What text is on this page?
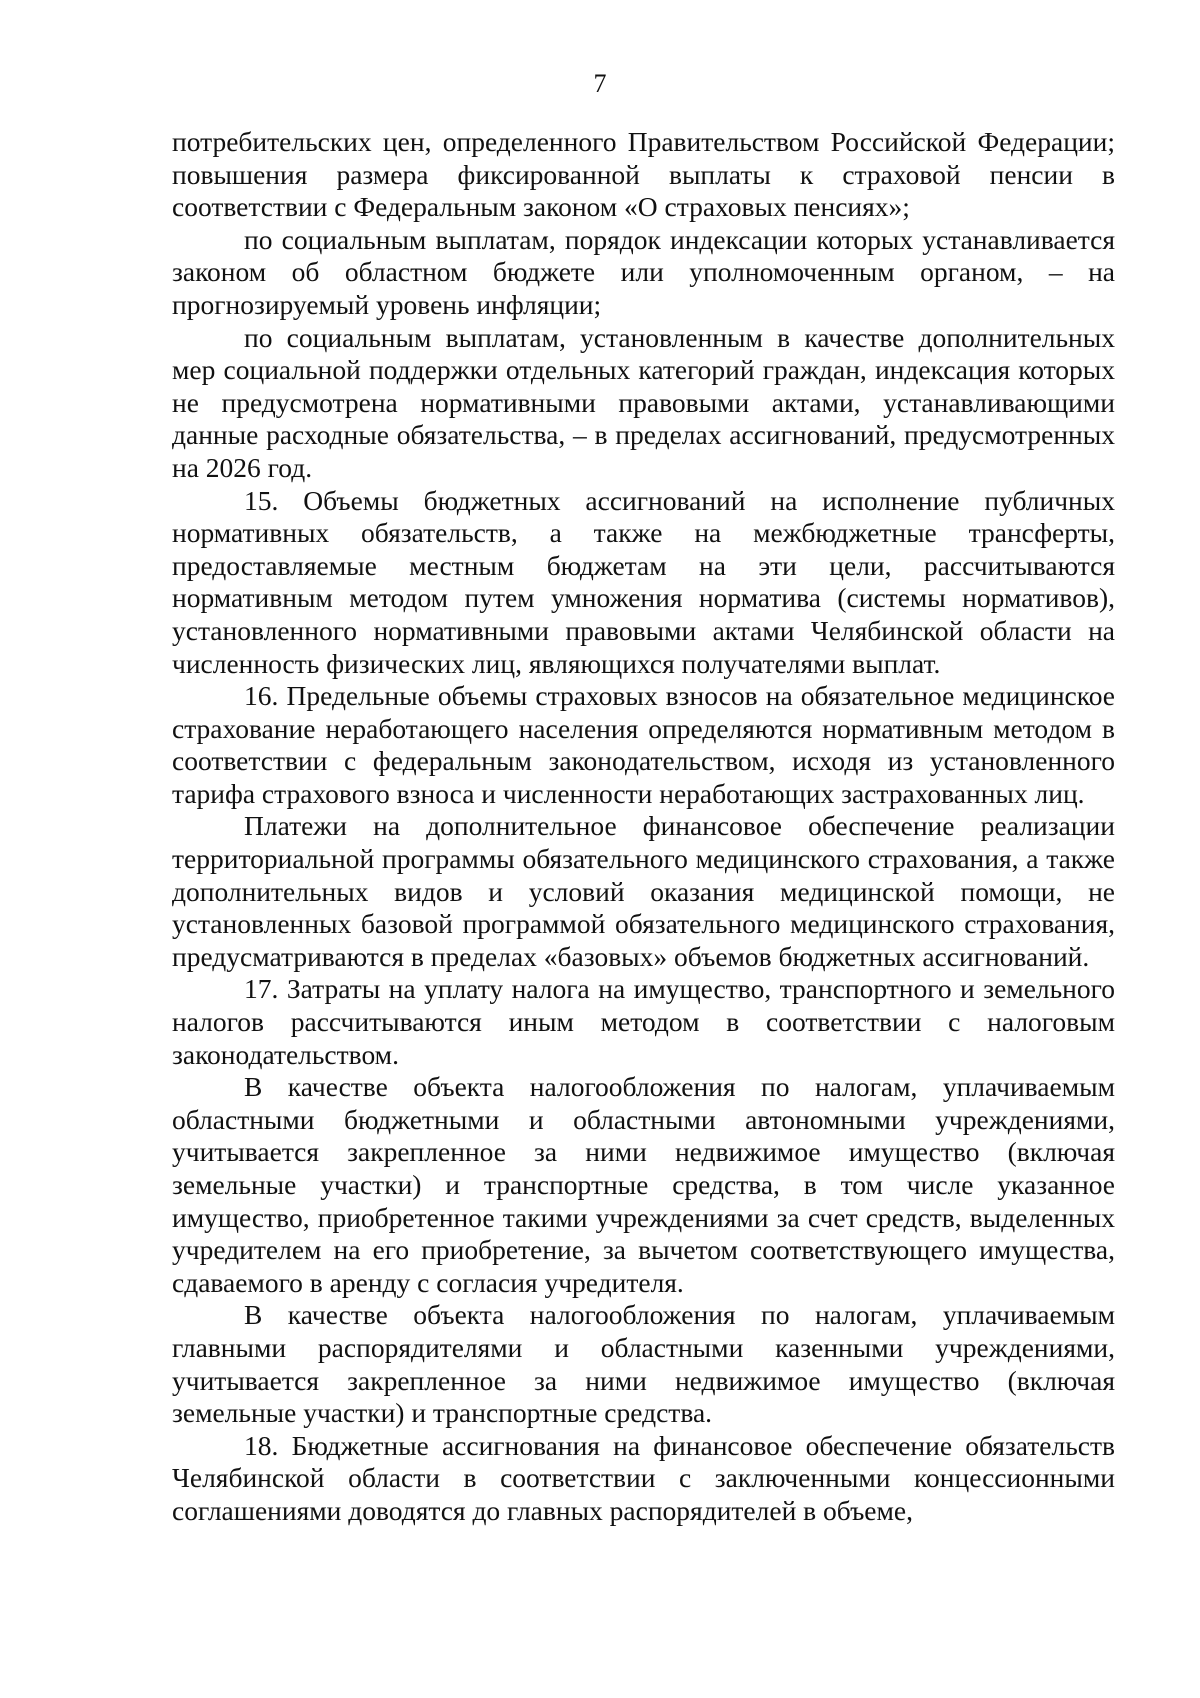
7

потребительских цен, определенного Правительством Российской Федерации; повышения размера фиксированной выплаты к страховой пенсии в соответствии с Федеральным законом «О страховых пенсиях»;

по социальным выплатам, порядок индексации которых устанавливается законом об областном бюджете или уполномоченным органом, – на прогнозируемый уровень инфляции;

по социальным выплатам, установленным в качестве дополнительных мер социальной поддержки отдельных категорий граждан, индексация которых не предусмотрена нормативными правовыми актами, устанавливающими данные расходные обязательства, – в пределах ассигнований, предусмотренных на 2026 год.

15. Объемы бюджетных ассигнований на исполнение публичных нормативных обязательств, а также на межбюджетные трансферты, предоставляемые местным бюджетам на эти цели, рассчитываются нормативным методом путем умножения норматива (системы нормативов), установленного нормативными правовыми актами Челябинской области на численность физических лиц, являющихся получателями выплат.

16. Предельные объемы страховых взносов на обязательное медицинское страхование неработающего населения определяются нормативным методом в соответствии с федеральным законодательством, исходя из установленного тарифа страхового взноса и численности неработающих застрахованных лиц.

Платежи на дополнительное финансовое обеспечение реализации территориальной программы обязательного медицинского страхования, а также дополнительных видов и условий оказания медицинской помощи, не установленных базовой программой обязательного медицинского страхования, предусматриваются в пределах «базовых» объемов бюджетных ассигнований.

17. Затраты на уплату налога на имущество, транспортного и земельного налогов рассчитываются иным методом в соответствии с налоговым законодательством.

В качестве объекта налогообложения по налогам, уплачиваемым областными бюджетными и областными автономными учреждениями, учитывается закрепленное за ними недвижимое имущество (включая земельные участки) и транспортные средства, в том числе указанное имущество, приобретенное такими учреждениями за счет средств, выделенных учредителем на его приобретение, за вычетом соответствующего имущества, сдаваемого в аренду с согласия учредителя.

В качестве объекта налогообложения по налогам, уплачиваемым главными распорядителями и областными казенными учреждениями, учитывается закрепленное за ними недвижимое имущество (включая земельные участки) и транспортные средства.

18. Бюджетные ассигнования на финансовое обеспечение обязательств Челябинской области в соответствии с заключенными концессионными соглашениями доводятся до главных распорядителей в объеме,
